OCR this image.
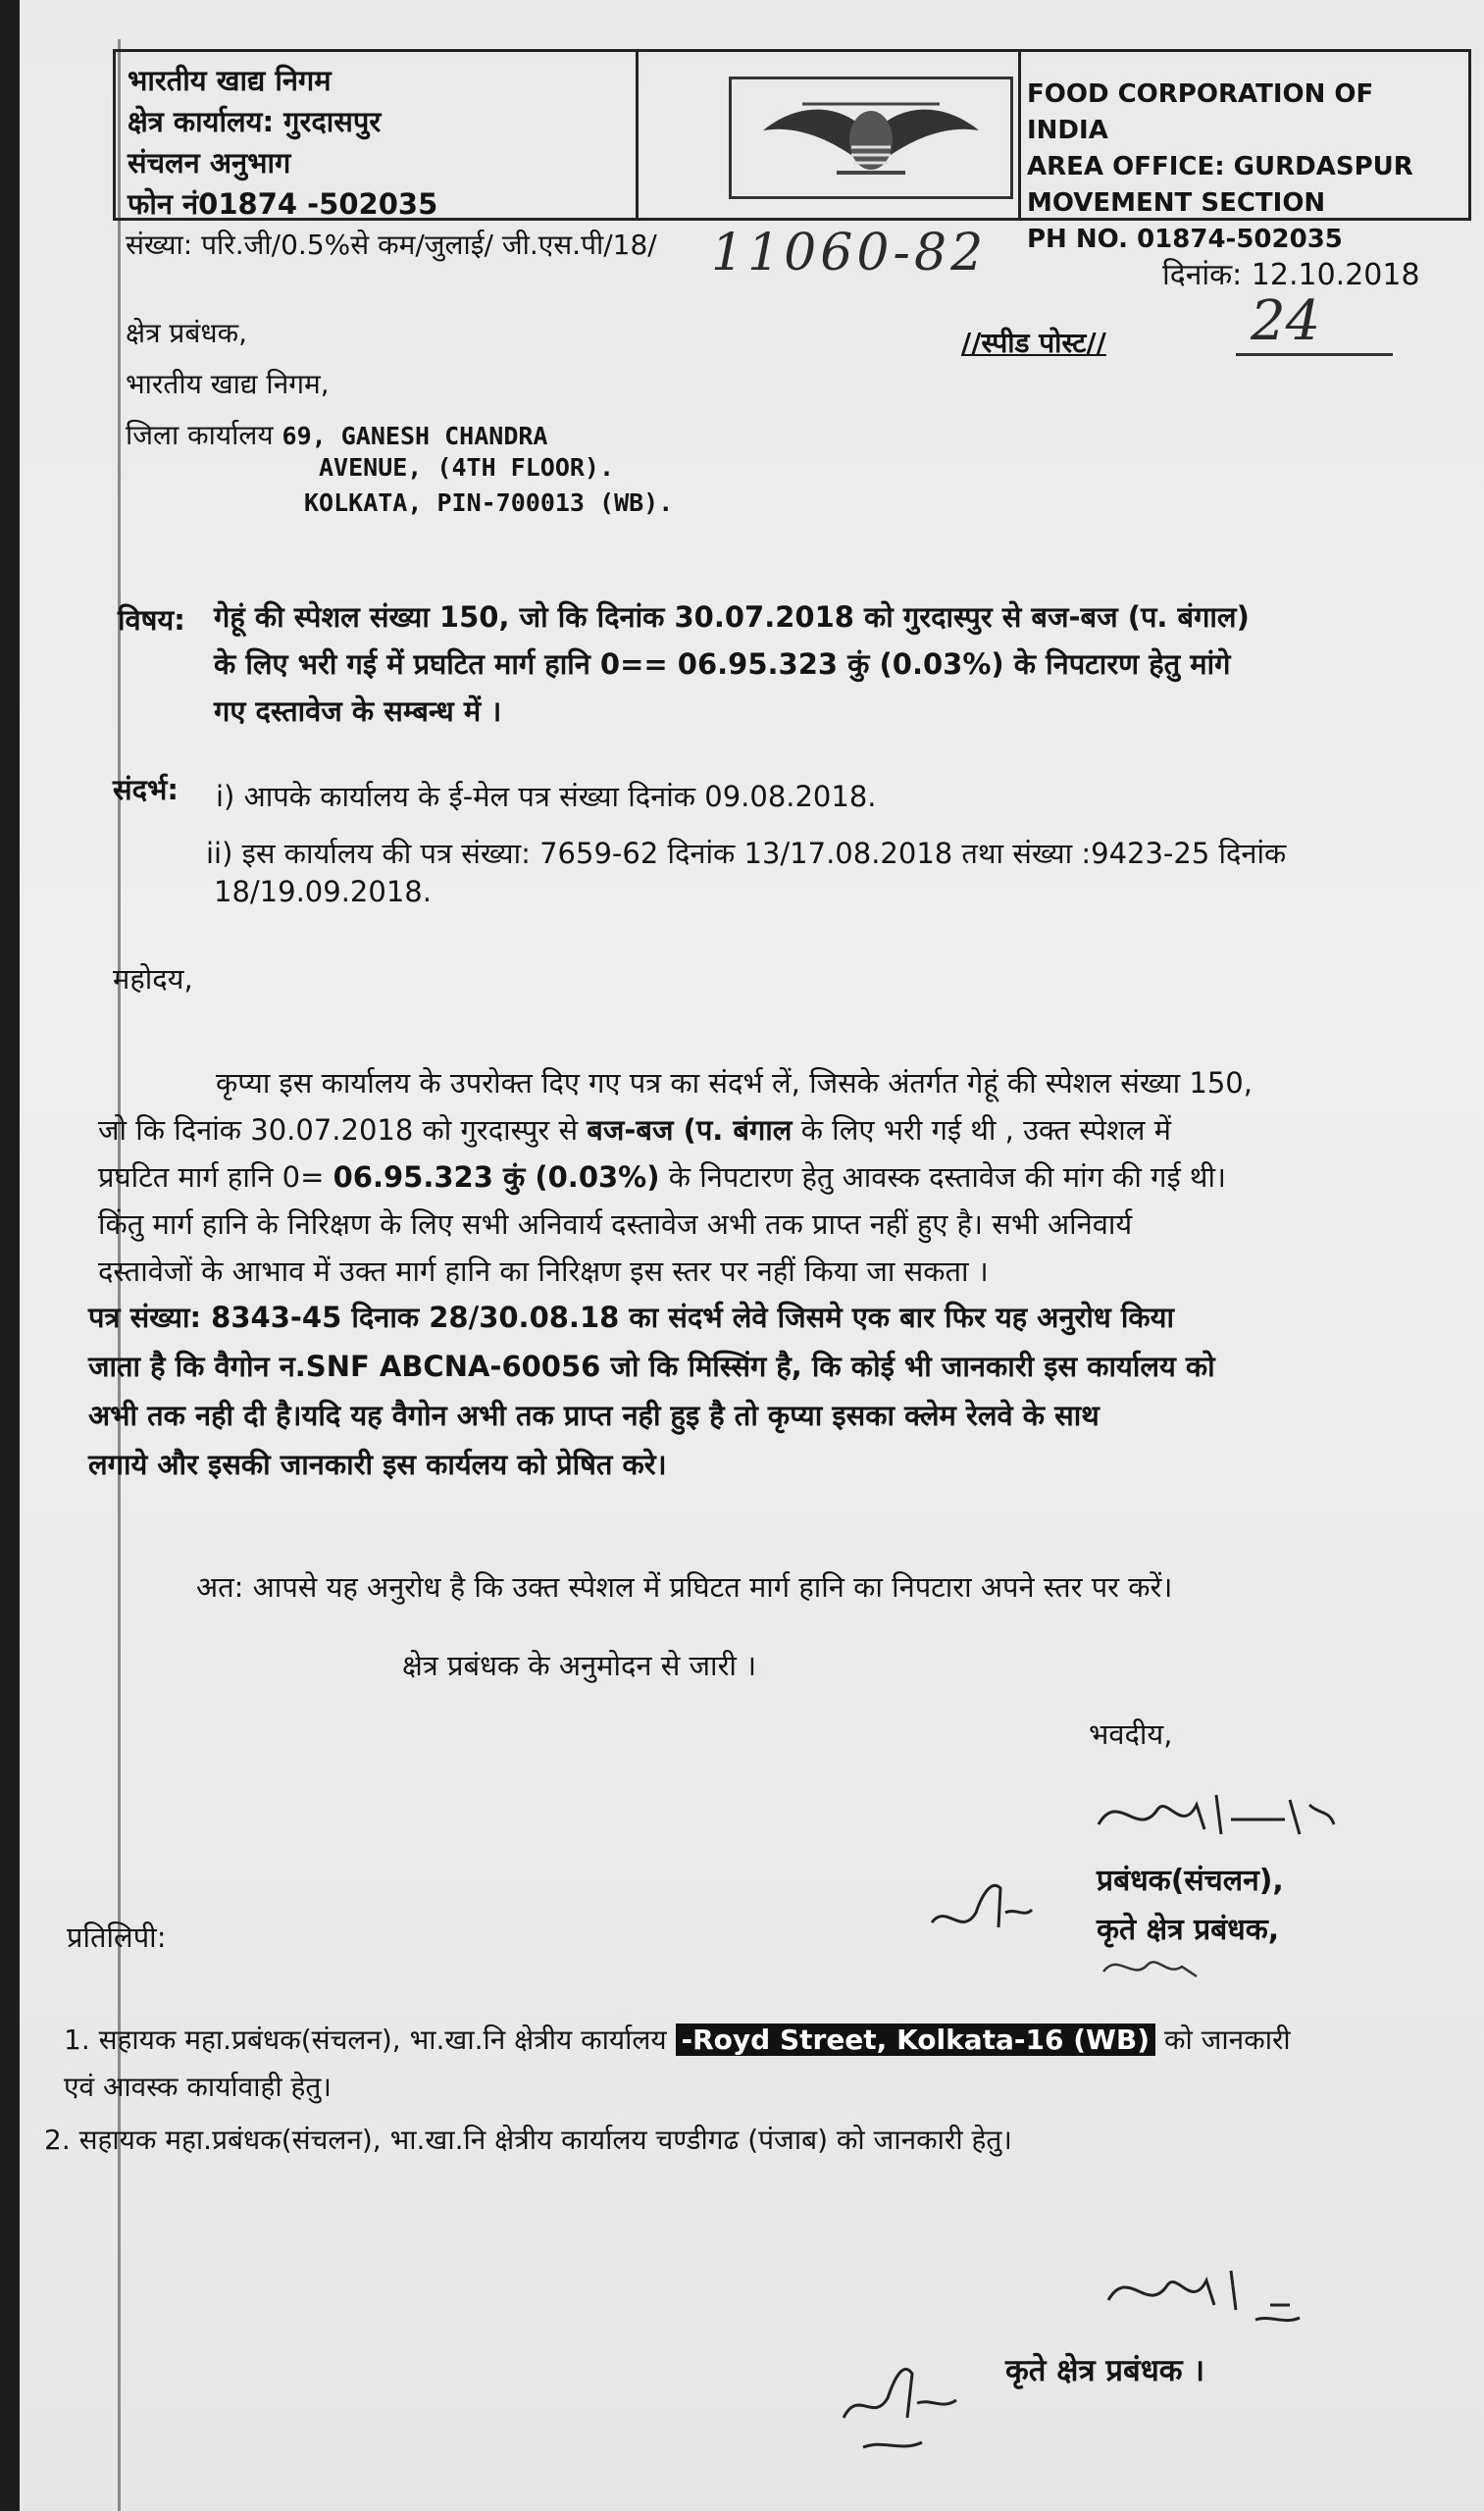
भारतीय खाद्य निगम
क्षेत्र कार्यालय: गुरदासपुर
संचलन अनुभाग
फोन नं01874 -502035
FOOD CORPORATION OF INDIA
AREA OFFICE: GURDASPUR
MOVEMENT SECTION
PH NO. 01874-502035
संख्या: परि.जी/0.5%से कम/जुलाई/ जी.एस.पी/18/ 11060-82	दिनांक: 12.10.2018
24
//स्पीड पोस्ट//
क्षेत्र प्रबंधक,
भारतीय खाद्य निगम,
जिला कार्यालय 69, GANESH CHANDRA
AVENUE, (4TH FLOOR).
KOLKATA, PIN-700013 (WB).
विषय: गेहूं की स्पेशल संख्या 150, जो कि दिनांक 30.07.2018 को गुरदास्पुर से बज-बज (प. बंगाल)
के लिए भरी गई में प्रघटित मार्ग हानि 0== 06.95.323 कुं (0.03%) के निपटारण हेतु मांगे
गए दस्तावेज के सम्बन्ध में ।
संदर्भ: i) आपके कार्यालय के ई-मेल पत्र संख्या दिनांक 09.08.2018.
ii) इस कार्यालय की पत्र संख्या: 7659-62 दिनांक 13/17.08.2018 तथा संख्या :9423-25 दिनांक
18/19.09.2018.
महोदय,
कृप्या इस कार्यालय के उपरोक्त दिए गए पत्र का संदर्भ लें, जिसके अंतर्गत गेहूं की स्पेशल संख्या 150,
जो कि दिनांक 30.07.2018 को गुरदास्पुर से बज-बज (प. बंगाल के लिए भरी गई थी , उक्त स्पेशल में
प्रघटित मार्ग हानि 0= 06.95.323 कुं (0.03%) के निपटारण हेतु आवस्क दस्तावेज की मांग की गई थी।
किंतु मार्ग हानि के निरिक्षण के लिए सभी अनिवार्य दस्तावेज अभी तक प्राप्त नहीं हुए है। सभी अनिवार्य
दस्तावेजों के आभाव में उक्त मार्ग हानि का निरिक्षण इस स्तर पर नहीं किया जा सकता ।
पत्र संख्या: 8343-45 दिनाक 28/30.08.18 का संदर्भ लेवे जिसमे एक बार फिर यह अनुरोध किया
जाता है कि वैगोन न.SNF ABCNA-60056 जो कि मिस्सिंग है, कि कोई भी जानकारी इस कार्यालय को
अभी तक नही दी है।यदि यह वैगोन अभी तक प्राप्त नही हुइ है तो कृप्या इसका क्लेम रेलवे के साथ
लगाये और इसकी जानकारी इस कार्यलय को प्रेषित करे।
अत: आपसे यह अनुरोध है कि उक्त स्पेशल में प्रघिटत मार्ग हानि का निपटारा अपने स्तर पर करें।
क्षेत्र प्रबंधक के अनुमोदन से जारी ।
भवदीय,
प्रबंधक(संचलन),
कृते क्षेत्र प्रबंधक,
प्रतिलिपी:
1. सहायक महा.प्रबंधक(संचलन), भा.खा.नि क्षेत्रीय कार्यालय -Royd Street, Kolkata-16 (WB) को जानकारी
एवं आवस्क कार्यावाही हेतु।
2. सहायक महा.प्रबंधक(संचलन), भा.खा.नि क्षेत्रीय कार्यालय चण्डीगढ (पंजाब) को जानकारी हेतु।
कृते क्षेत्र प्रबंधक ।
